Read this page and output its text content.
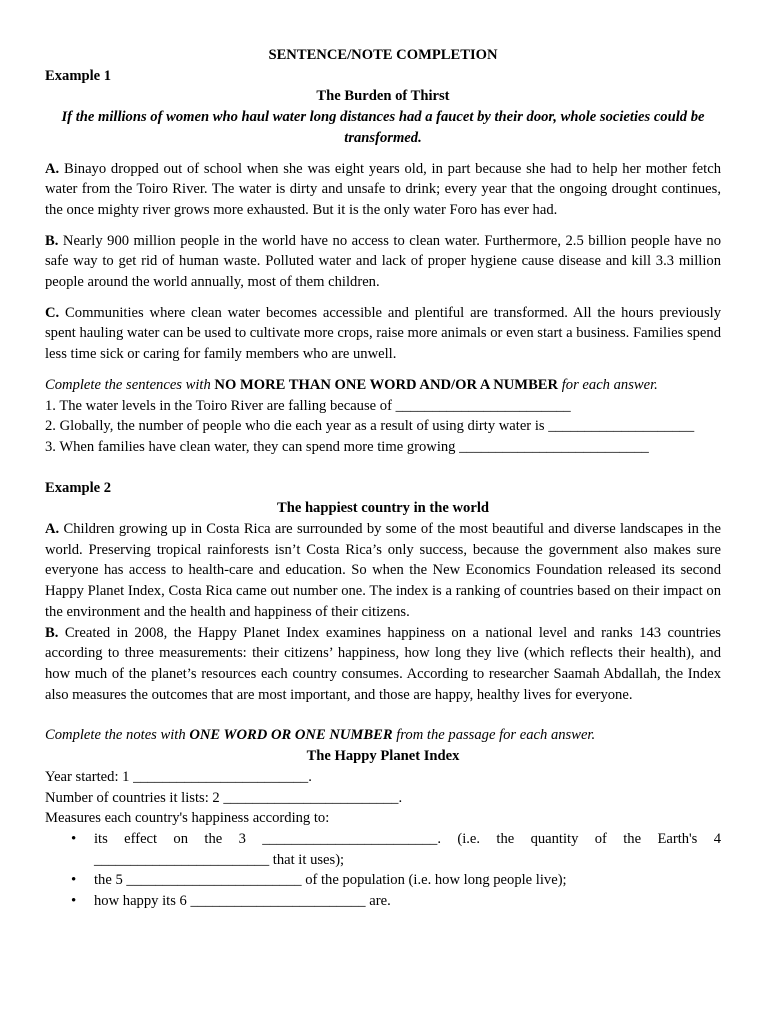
SENTENCE/NOTE COMPLETION

Example 1

The Burden of Thirst

If the millions of women who haul water long distances had a faucet by their door, whole societies could be transformed.

A. Binayo dropped out of school when she was eight years old, in part because she had to help her mother fetch water from the Toiro River. The water is dirty and unsafe to drink; every year that the ongoing drought continues, the once mighty river grows more exhausted. But it is the only water Foro has ever had.

B. Nearly 900 million people in the world have no access to clean water. Furthermore, 2.5 billion people have no safe way to get rid of human waste. Polluted water and lack of proper hygiene cause disease and kill 3.3 million people around the world annually, most of them children.

C. Communities where clean water becomes accessible and plentiful are transformed. All the hours previously spent hauling water can be used to cultivate more crops, raise more animals or even start a business. Families spend less time sick or caring for family members who are unwell.

Complete the sentences with NO MORE THAN ONE WORD AND/OR A NUMBER for each answer.

1. The water levels in the Toiro River are falling because of ________________________

2. Globally, the number of people who die each year as a result of using dirty water is ____________________

3. When families have clean water, they can spend more time growing __________________________

Example 2

The happiest country in the world

A. Children growing up in Costa Rica are surrounded by some of the most beautiful and diverse landscapes in the world. Preserving tropical rainforests isn’t Costa Rica’s only success, because the government also makes sure everyone has access to health-care and education. So when the New Economics Foundation released its second Happy Planet Index, Costa Rica came out number one. The index is a ranking of countries based on their impact on the environment and the health and happiness of their citizens.

B. Created in 2008, the Happy Planet Index examines happiness on a national level and ranks 143 countries according to three measurements: their citizens’ happiness, how long they live (which reflects their health), and how much of the planet’s resources each country consumes. According to researcher Saamah Abdallah, the Index also measures the outcomes that are most important, and those are happy, healthy lives for everyone.

Complete the notes with ONE WORD OR ONE NUMBER from the passage for each answer.

The Happy Planet Index

Year started: 1 ________________________.

Number of countries it lists: 2 ________________________.

Measures each country's happiness according to:

• its effect on the 3 ________________________. (i.e. the quantity of the Earth's 4 ________________________ that it uses);
• the 5 ________________________ of the population (i.e. how long people live);
• how happy its 6 ________________________ are.
